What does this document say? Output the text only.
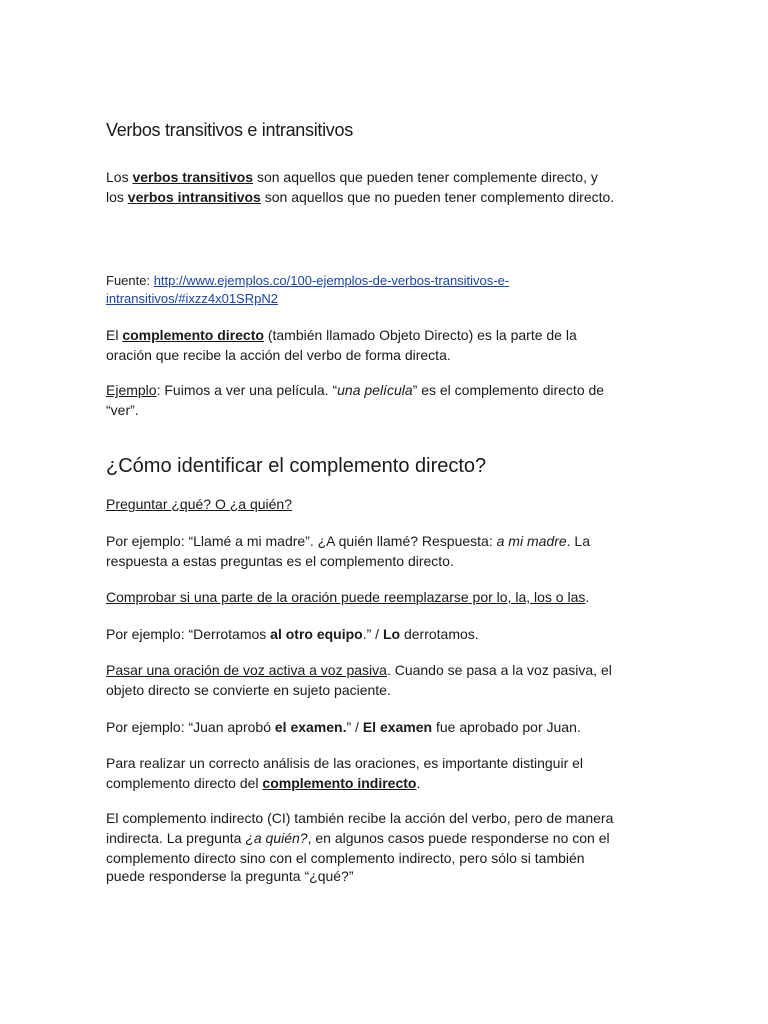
Verbos transitivos e intransitivos
Los verbos transitivos son aquellos que pueden tener complemente directo, y
los verbos intransitivos son aquellos que no pueden tener complemento directo.
Fuente: http://www.ejemplos.co/100-ejemplos-de-verbos-transitivos-e-
intransitivos/#ixzz4x01SRpN2
El complemento directo (también llamado Objeto Directo) es la parte de la
oración que recibe la acción del verbo de forma directa.
Ejemplo: Fuimos a ver una película. “una película” es el complemento directo de
“ver”.
¿Cómo identificar el complemento directo?
Preguntar ¿qué? O ¿a quién?
Por ejemplo: “Llamé a mi madre”. ¿A quién llamé? Respuesta: a mi madre. La
respuesta a estas preguntas es el complemento directo.
Comprobar si una parte de la oración puede reemplazarse por lo, la, los o las.
Por ejemplo: “Derrotamos al otro equipo.” / Lo derrotamos.
Pasar una oración de voz activa a voz pasiva. Cuando se pasa a la voz pasiva, el
objeto directo se convierte en sujeto paciente.
Por ejemplo: “Juan aprobó el examen.” / El examen fue aprobado por Juan.
Para realizar un correcto análisis de las oraciones, es importante distinguir el
complemento directo del complemento indirecto.
El complemento indirecto (CI) también recibe la acción del verbo, pero de manera
indirecta. La pregunta ¿a quién?, en algunos casos puede responderse no con el
complemento directo sino con el complemento indirecto, pero sólo si también
puede responderse la pregunta “¿qué?”
